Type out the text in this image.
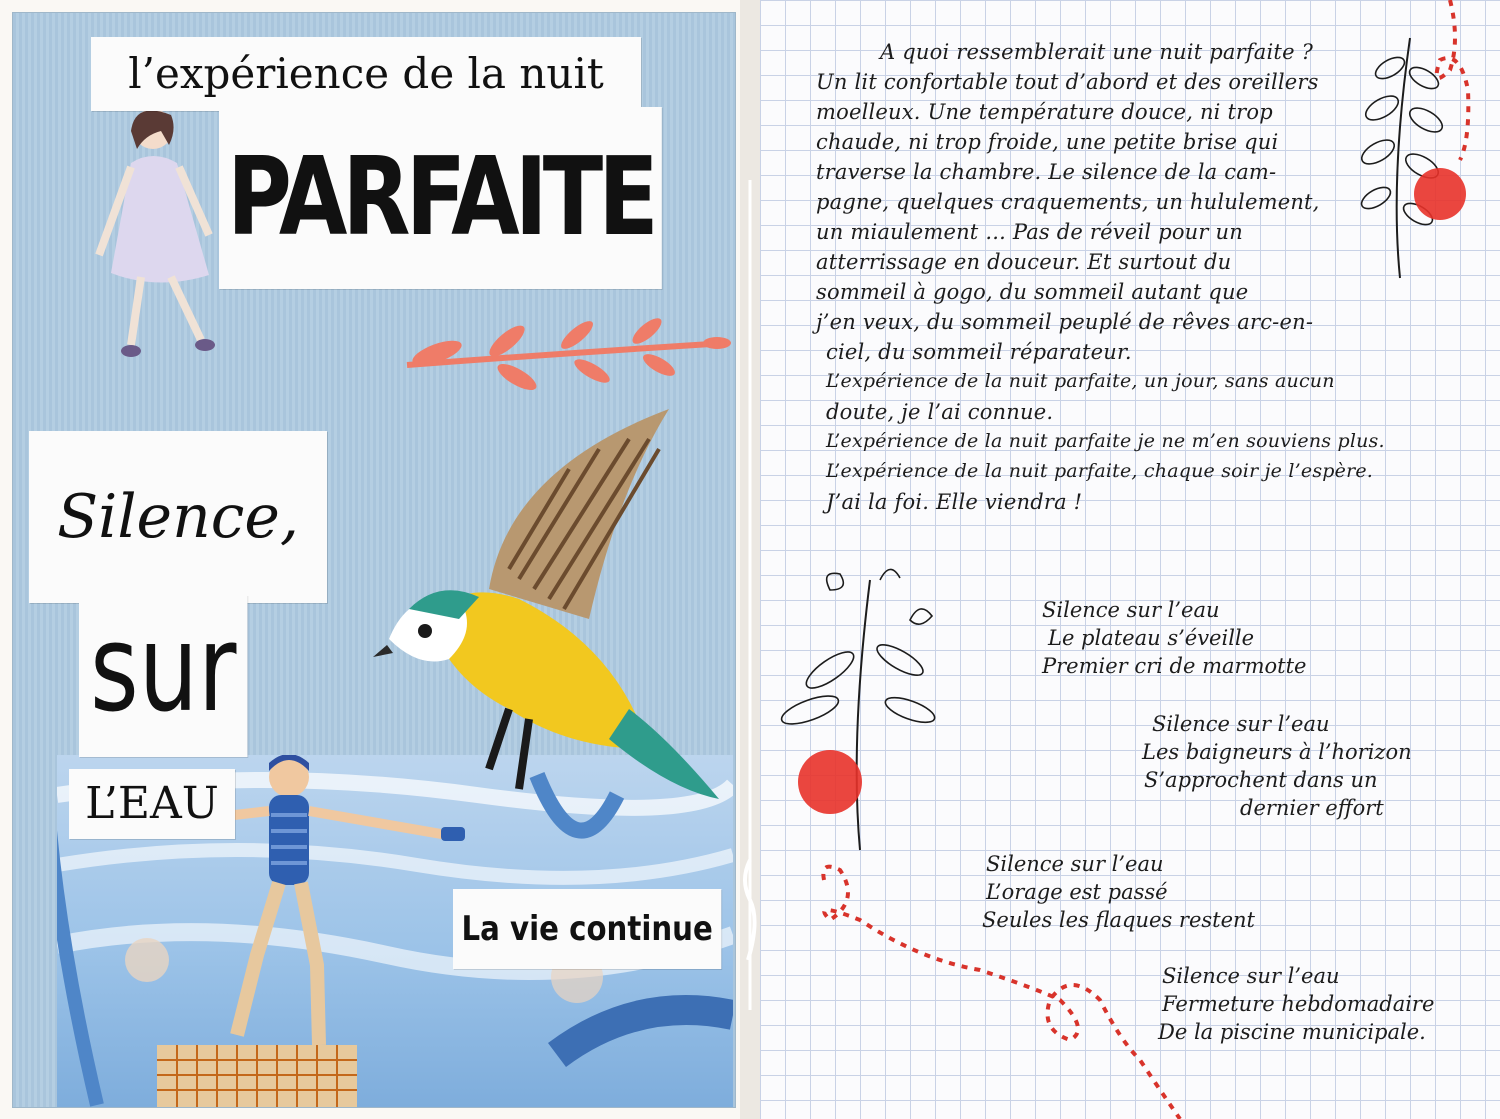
l’expérience de la nuit
PARFAITE
Silence,
sur
L’EAU
La vie continue
A quoi ressemblerait une nuit parfaite ?
Un lit confortable tout d’abord et des oreillers
moelleux. Une température douce, ni trop
chaude, ni trop froide, une petite brise qui
traverse la chambre. Le silence de la cam-
pagne, quelques craquements, un hululement,
un miaulement ... Pas de réveil pour un
atterrissage en douceur. Et surtout du
sommeil à gogo, du sommeil autant que
j’en veux, du sommeil peuplé de rêves arc-en-
ciel, du sommeil réparateur.
L’expérience de la nuit parfaite, un jour, sans aucun
doute, je l’ai connue.
L’expérience de la nuit parfaite je ne m’en souviens plus.
L’expérience de la nuit parfaite, chaque soir je l’espère.
J’ai la foi. Elle viendra !
Silence sur l’eau
Le plateau s’éveille
Premier cri de marmotte
Silence sur l’eau
Les baigneurs à l’horizon
S’approchent dans un
dernier effort
Silence sur l’eau
L’orage est passé
Seules les flaques restent
Silence sur l’eau
Fermeture hebdomadaire
De la piscine municipale.
